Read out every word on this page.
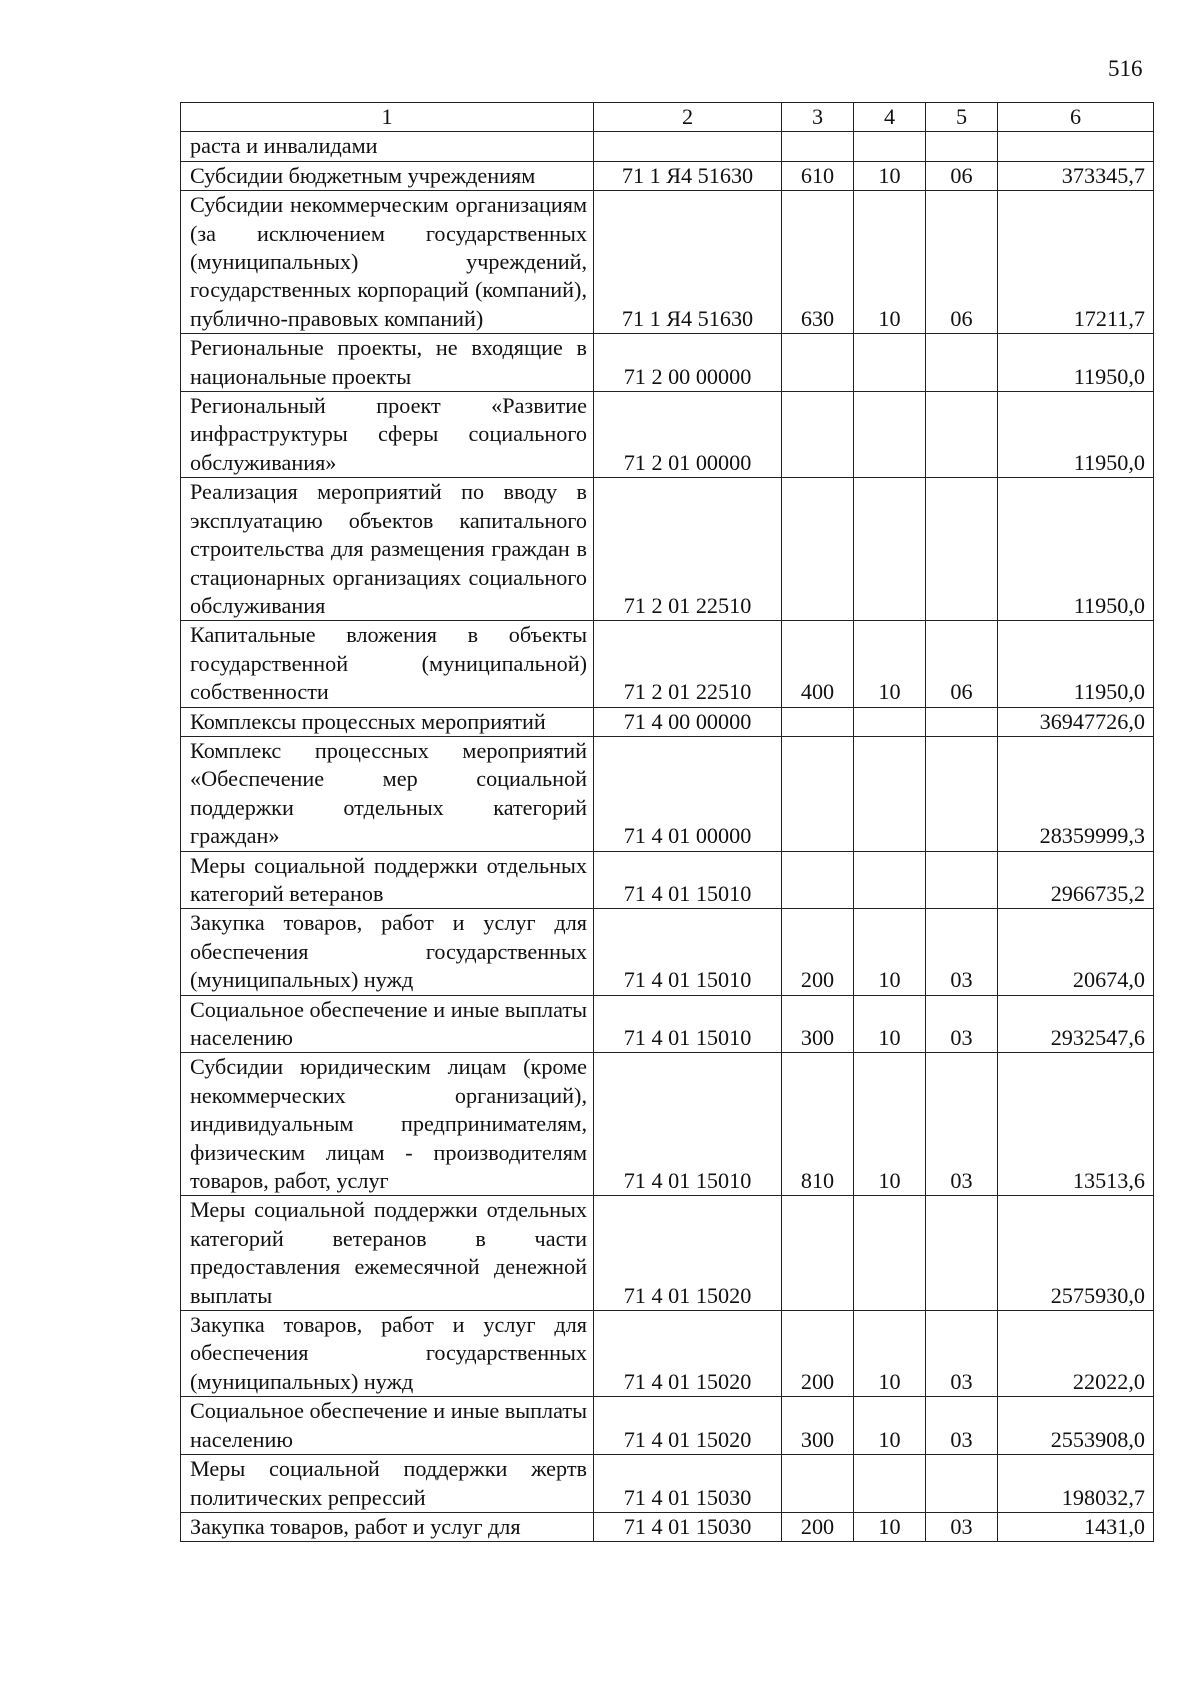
516
1	2	3	4	5	6
раста и инвалидами					
Субсидии бюджетным учреждениям	71 1 Я4 51630	610	10	06	373345,7
Субсидии некоммерческим организациям (за исключением государственных (муниципальных) учреждений, государственных корпораций (компаний), публично-правовых компаний)	71 1 Я4 51630	630	10	06	17211,7
Региональные проекты, не входящие в национальные проекты	71 2 00 00000				11950,0
Региональный проект «Развитие инфраструктуры сферы социального обслуживания»	71 2 01 00000				11950,0
Реализация мероприятий по вводу в эксплуатацию объектов капитального строительства для размещения граждан в стационарных организациях социального обслуживания	71 2 01 22510				11950,0
Капитальные вложения в объекты государственной (муниципальной) собственности	71 2 01 22510	400	10	06	11950,0
Комплексы процессных мероприятий	71 4 00 00000				36947726,0
Комплекс процессных мероприятий «Обеспечение мер социальной поддержки отдельных категорий граждан»	71 4 01 00000				28359999,3
Меры социальной поддержки отдельных категорий ветеранов	71 4 01 15010				2966735,2
Закупка товаров, работ и услуг для обеспечения государственных (муниципальных) нужд	71 4 01 15010	200	10	03	20674,0
Социальное обеспечение и иные выплаты населению	71 4 01 15010	300	10	03	2932547,6
Субсидии юридическим лицам (кроме некоммерческих организаций), индивидуальным предпринимателям, физическим лицам - производителям товаров, работ, услуг	71 4 01 15010	810	10	03	13513,6
Меры социальной поддержки отдельных категорий ветеранов в части предоставления ежемесячной денежной выплаты	71 4 01 15020				2575930,0
Закупка товаров, работ и услуг для обеспечения государственных (муниципальных) нужд	71 4 01 15020	200	10	03	22022,0
Социальное обеспечение и иные выплаты населению	71 4 01 15020	300	10	03	2553908,0
Меры социальной поддержки жертв политических репрессий	71 4 01 15030				198032,7
Закупка товаров, работ и услуг для	71 4 01 15030	200	10	03	1431,0
